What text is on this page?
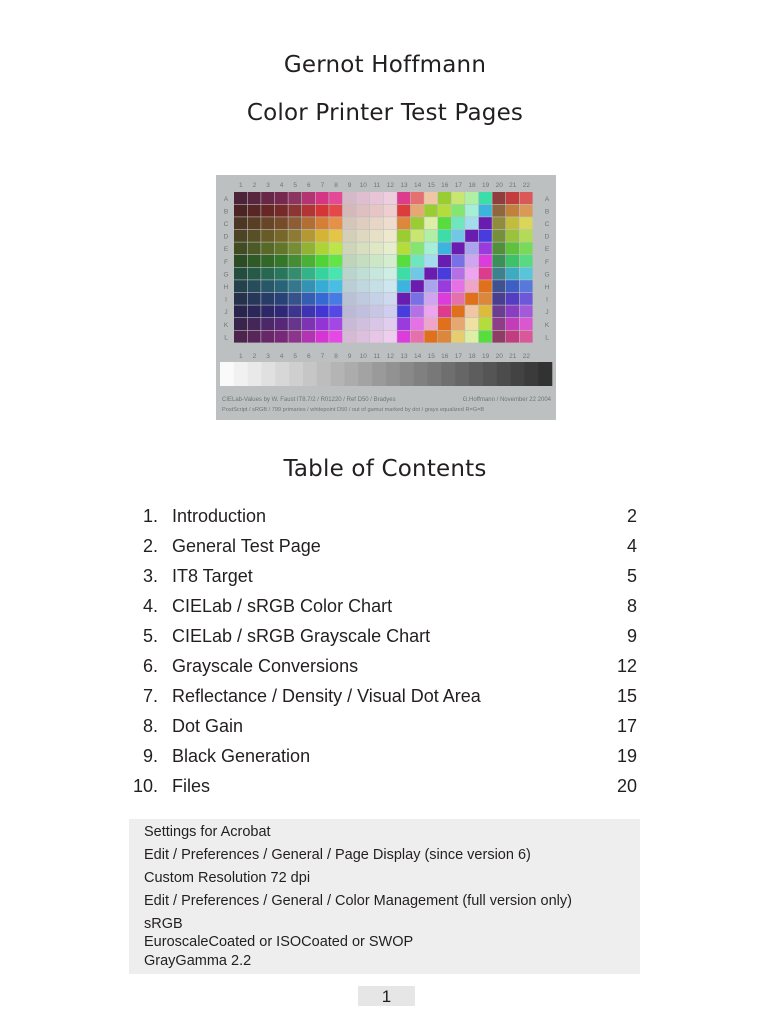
Gernot Hoffmann
Color Printer Test Pages
1
1
2
2
3
3
4
4
5
5
6
6
7
7
8
8
9
9
10
10
11
11
12
12
13
13
14
14
15
15
16
16
17
17
18
18
19
19
20
20
21
21
22
22
A	A
B	B
C	C
D	D
E	E
F	F
G	G
H	H
I	I
J	J
K	K
L	L
CIELab-Values by W. Faust IT8.7/2 / R01220 / Ref D50 / Bradyes	G.Hoffmann / November 22 2004
PostScript / sRGB / 799 primaries / whitepoint D50 / out of gamut marked by dot / grays equalized R=G=B
Table of Contents
1. Introduction	2
2. General Test Page	4
3. IT8 Target	5
4. CIELab / sRGB Color Chart	8
5. CIELab / sRGB Grayscale Chart	9
6. Grayscale Conversions	12
7. Reflectance / Density / Visual Dot Area	15
8. Dot Gain	17
9. Black Generation	19
10. Files	20
Settings for Acrobat
Edit / Preferences / General / Page Display (since version 6)
Custom Resolution 72 dpi
Edit / Preferences / General / Color Management (full version only)
sRGB
EuroscaleCoated or ISOCoated or SWOP
GrayGamma 2.2
1
